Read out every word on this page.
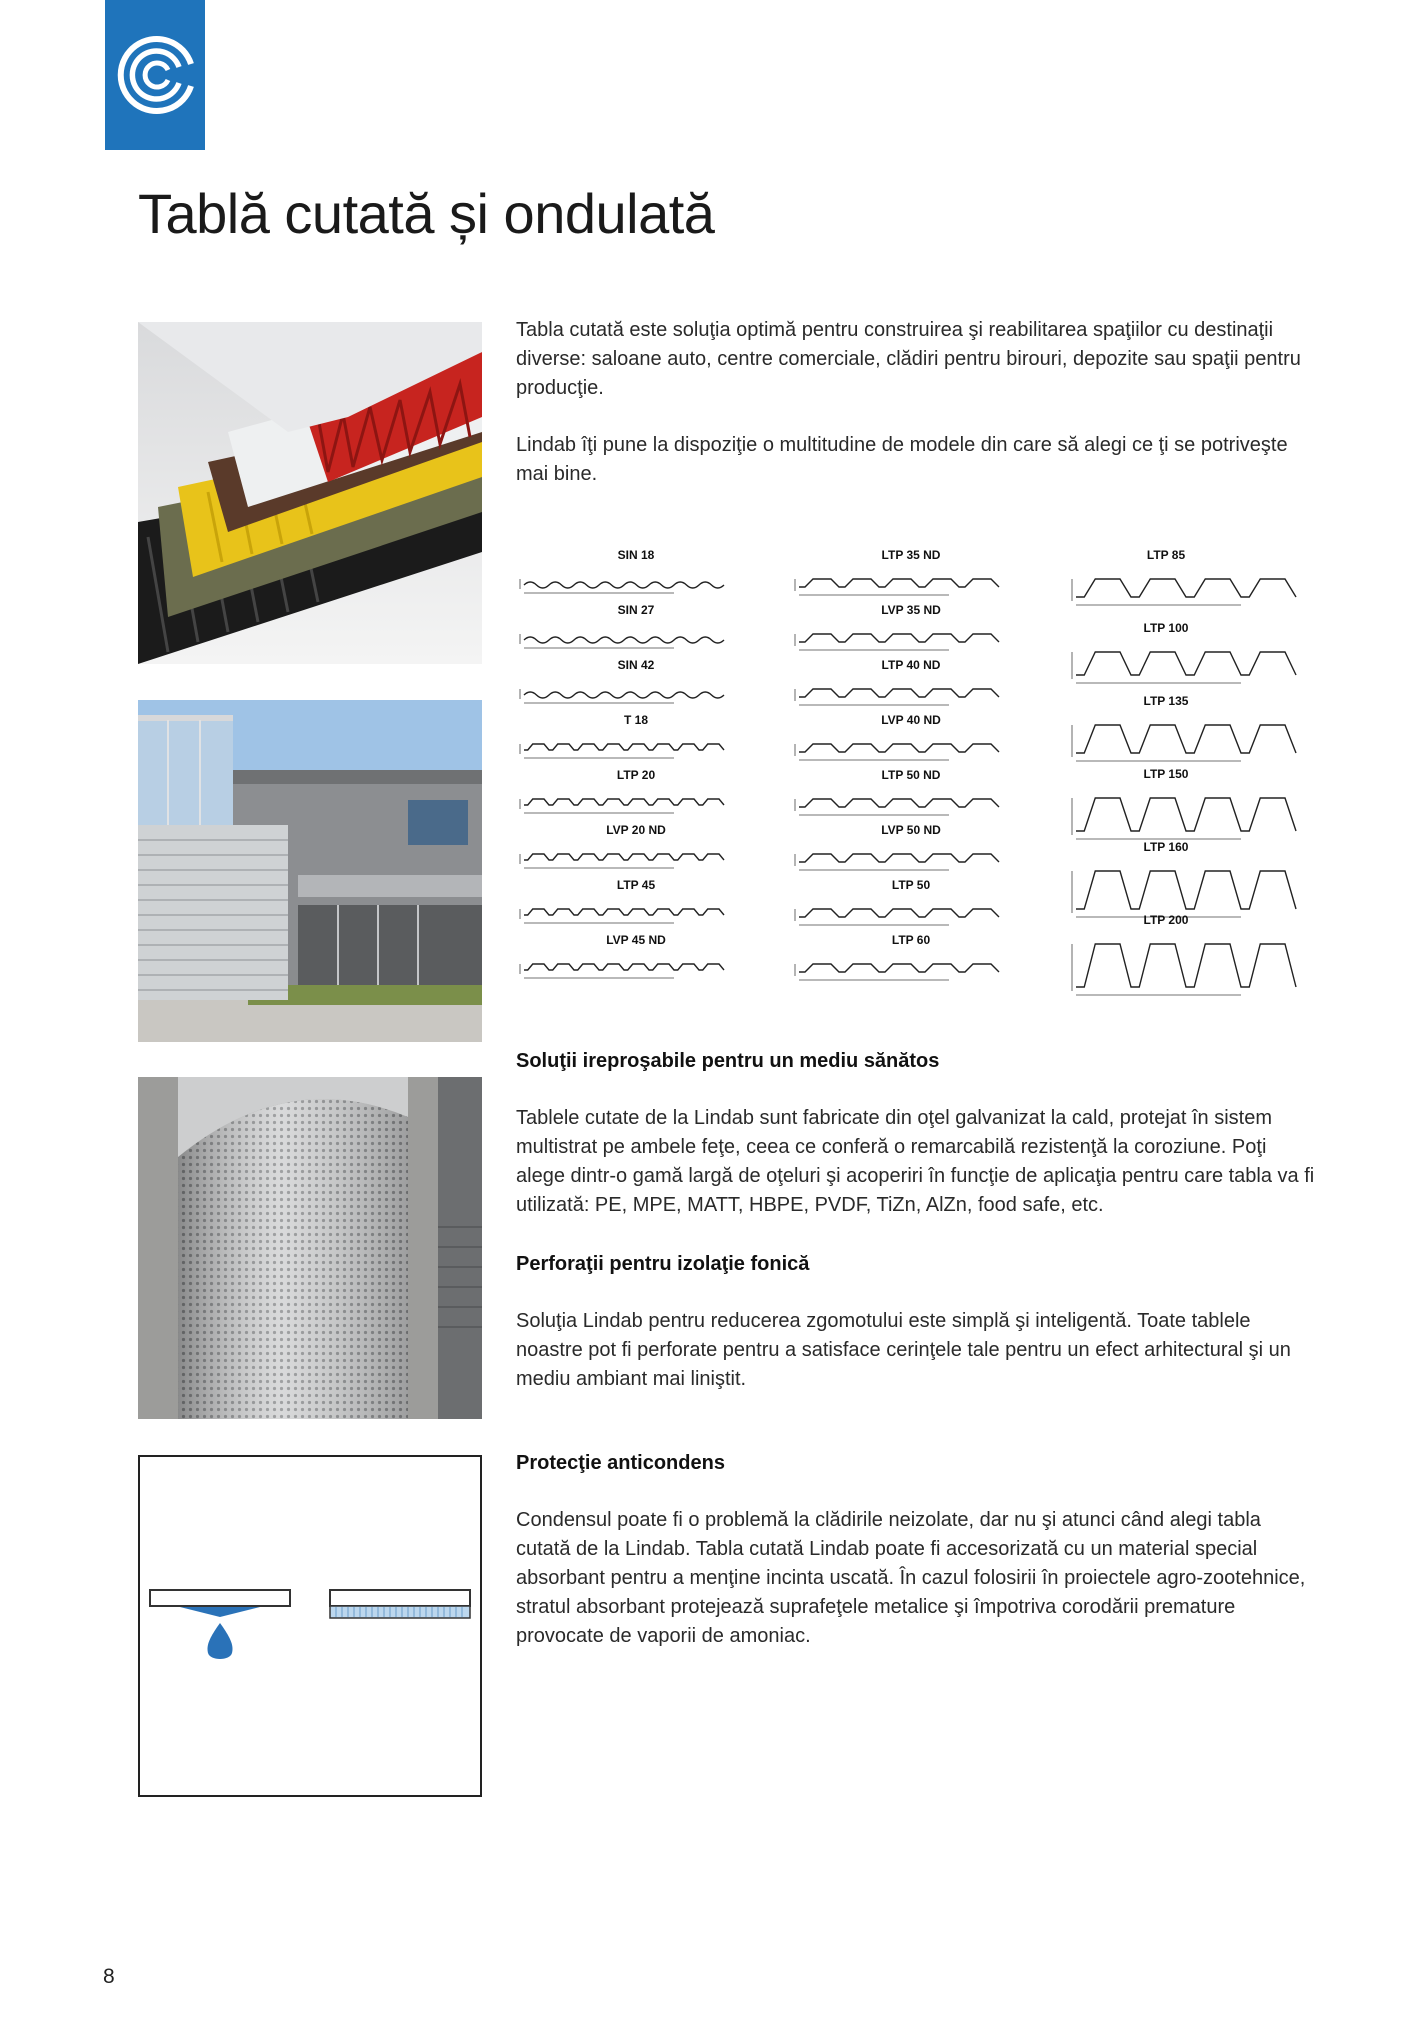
Tablă cutată și ondulată

Tabla cutată este soluţia optimă pentru construirea şi reabilitarea spaţiilor cu destinaţii diverse: saloane auto, centre comerciale, clădiri pentru birouri, depozite sau spaţii pentru producţie.

Lindab îţi pune la dispoziţie o multitudine de modele din care să alegi ce ţi se potriveşte mai bine.

SIN 18
SIN 27
SIN 42
T 18
LTP 20
LVP 20 ND
LTP 45
LVP 45 ND
LTP 35 ND
LVP 35 ND
LTP 40 ND
LVP 40 ND
LTP 50 ND
LVP 50 ND
LTP 50
LTP 60
LTP 85
LTP 100
LTP 135
LTP 150
LTP 160
LTP 200
Soluţii ireproşabile pentru un mediu sănătos

Tablele cutate de la Lindab sunt fabricate din oţel galvanizat la cald, protejat în sistem multistrat pe ambele feţe, ceea ce conferă o remarcabilă rezistenţă la coroziune. Poţi alege dintr-o gamă largă de oţeluri şi acoperiri în funcţie de aplicaţia pentru care tabla va fi utilizată: PE, MPE, MATT, HBPE, PVDF, TiZn, AlZn, food safe, etc.

Perforaţii pentru izolaţie fonică

Soluţia Lindab pentru reducerea zgomotului este simplă şi inteligentă. Toate tablele noastre pot fi perforate pentru a satisface cerinţele tale pentru un efect arhitectural şi un mediu ambiant mai liniştit.

Protecţie anticondens

Condensul poate fi o problemă la clădirile neizolate, dar nu şi atunci când alegi tabla cutată de la Lindab. Tabla cutată Lindab poate fi accesorizată cu un material special absorbant pentru a menţine incinta uscată. În cazul folosirii în proiectele agro-zootehnice, stratul absorbant protejează suprafeţele metalice şi împotriva corodării premature provocate de vaporii de amoniac.

8
